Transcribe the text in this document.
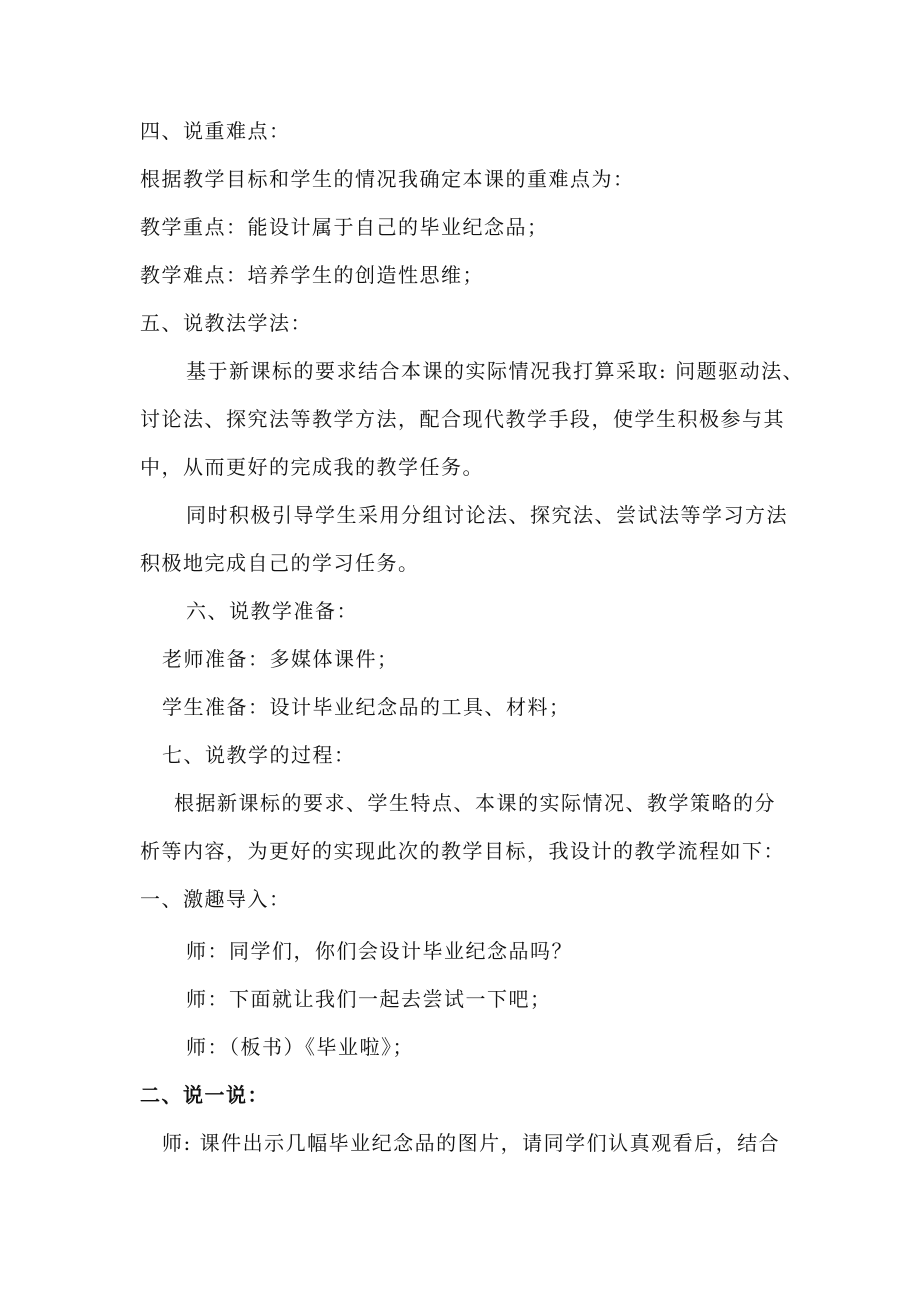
四、说重难点：
根据教学目标和学生的情况我确定本课的重难点为：
教学重点：能设计属于自己的毕业纪念品；
教学难点：培养学生的创造性思维；
五、说教法学法：
基于新课标的要求结合本课的实际情况我打算采取: 问题驱动法、
讨论法、探究法等教学方法，配合现代教学手段，使学生积极参与其
中，从而更好的完成我的教学任务。
同时积极引导学生采用分组讨论法、探究法、尝试法等学习方法
积极地完成自己的学习任务。
六、说教学准备：
老师准备：多媒体课件；
学生准备：设计毕业纪念品的工具、材料；
七、说教学的过程：
根据新课标的要求、学生特点、本课的实际情况、教学策略的分
析等内容，为更好的实现此次的教学目标，我设计的教学流程如下：
一、激趣导入：
师：同学们，你们会设计毕业纪念品吗？
师：下面就让我们一起去尝试一下吧；
师：（板书）《毕业啦》；
二、说一说：
师: 课件出示几幅毕业纪念品的图片，请同学们认真观看后，结合
